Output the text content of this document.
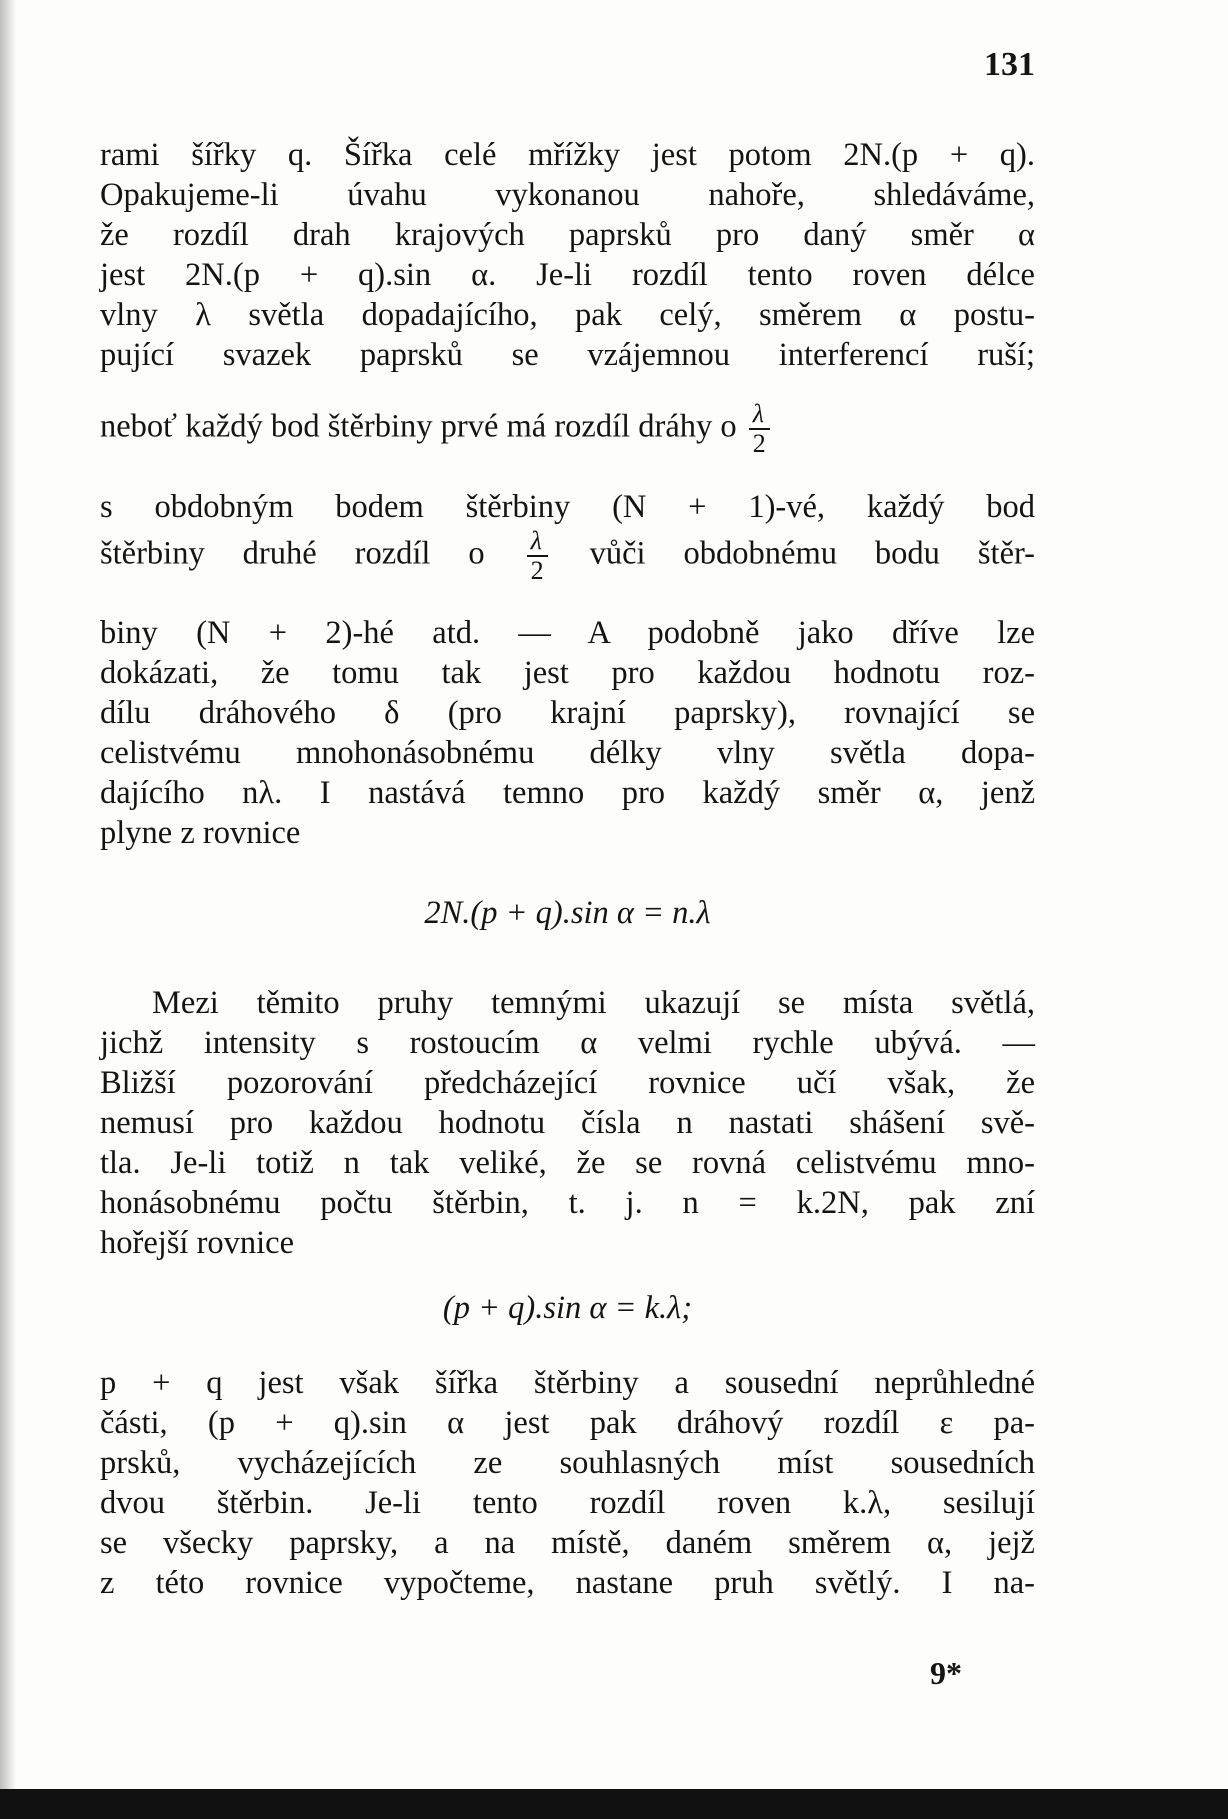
131
rami šířky q. Šířka celé mřížky jest potom 2N.(p + q).
Opakujeme-li úvahu vykonanou nahoře, shledáváme,
že rozdíl drah krajových paprsků pro daný směr α
jest 2N.(p + q).sin α. Je-li rozdíl tento roven délce
vlny λ světla dopadajícího, pak celý, směrem α postu-
pující svazek paprsků se vzájemnou interferencí ruší;
neboť každý bod štěrbiny prvé má rozdíl dráhy o $\frac{\lambda}{2}$
s obdobným bodem štěrbiny (N + 1)-vé, každý bod
štěrbiny druhé rozdíl o $\frac{\lambda}{2}$ vůči obdobnému bodu štěr-
biny (N + 2)-hé atd. — A podobně jako dříve lze
dokázati, že tomu tak jest pro každou hodnotu roz-
dílu dráhového δ (pro krajní paprsky), rovnající se
celistvému mnohonásobnému délky vlny světla dopa-
dajícího nλ. I nastává temno pro každý směr α, jenž
plyne z rovnice
2N.(p + q).sin α = n.λ
Mezi těmito pruhy temnými ukazují se místa světlá,
jichž intensity s rostoucím α velmi rychle ubývá. —
Bližší pozorování předcházející rovnice učí však, že
nemusí pro každou hodnotu čísla n nastati shášení svě-
tla. Je-li totiž n tak veliké, že se rovná celistvému mno-
honásobnému počtu štěrbin, t. j. n = k.2N, pak zní
hořejší rovnice
(p + q).sin α = k.λ;
p + q jest však šířka štěrbiny a sousední neprůhledné
části, (p + q).sin α jest pak dráhový rozdíl ε pa-
prsků, vycházejících ze souhlasných míst sousedních
dvou štěrbin. Je-li tento rozdíl roven k.λ, sesilují
se všecky paprsky, a na místě, daném směrem α, jejž
z této rovnice vypočteme, nastane pruh světlý. I na-
9*
